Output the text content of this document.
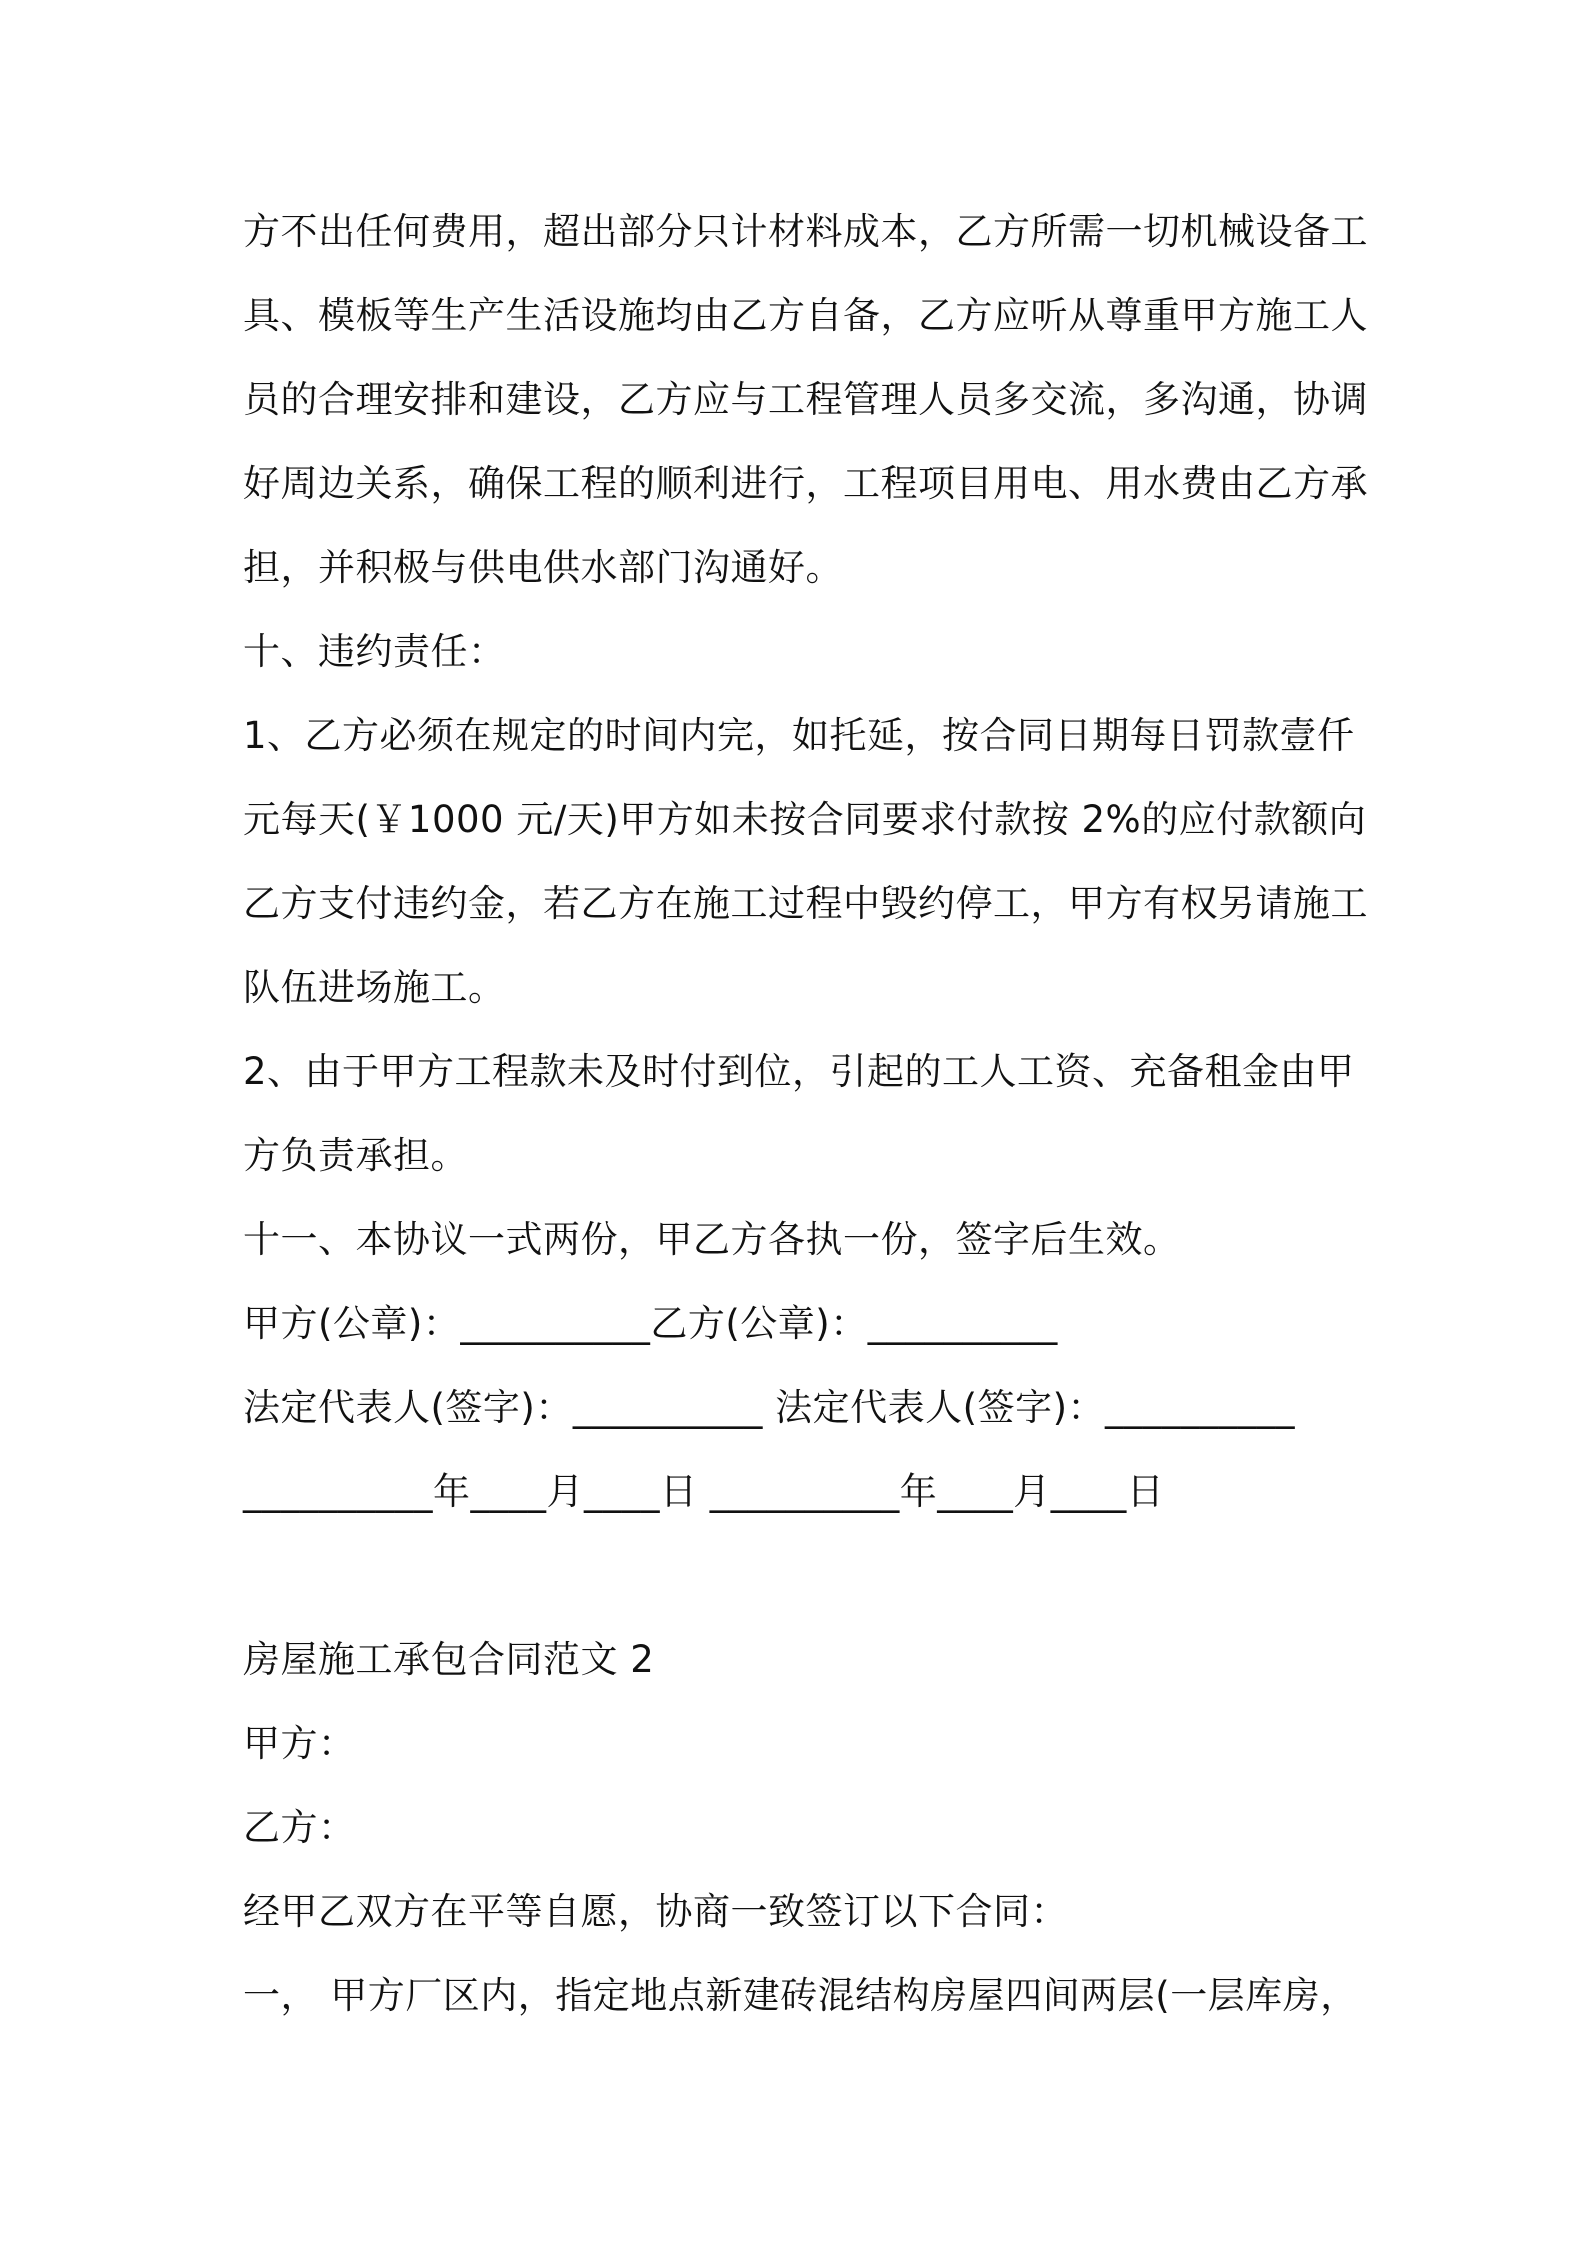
方不出任何费用，超出部分只计材料成本，乙方所需一切机械设备工
具、模板等生产生活设施均由乙方自备，乙方应听从尊重甲方施工人
员的合理安排和建设，乙方应与工程管理人员多交流，多沟通，协调
好周边关系，确保工程的顺利进行，工程项目用电、用水费由乙方承
担，并积极与供电供水部门沟通好。
十、违约责任：
1、乙方必须在规定的时间内完，如托延，按合同日期每日罚款壹仟
元每天(￥1000 元/天)甲方如未按合同要求付款按 2%的应付款额向
乙方支付违约金，若乙方在施工过程中毁约停工，甲方有权另请施工
队伍进场施工。
2、由于甲方工程款未及时付到位，引起的工人工资、充备租金由甲
方负责承担。
十一、本协议一式两份，甲乙方各执一份，签字后生效。
甲方(公章)：__________乙方(公章)：__________
法定代表人(签字)：__________ 法定代表人(签字)：__________
__________年____月____日 __________年____月____日
房屋施工承包合同范文 2
甲方：
乙方：
经甲乙双方在平等自愿，协商一致签订以下合同：
一， 甲方厂区内，指定地点新建砖混结构房屋四间两层(一层库房，
